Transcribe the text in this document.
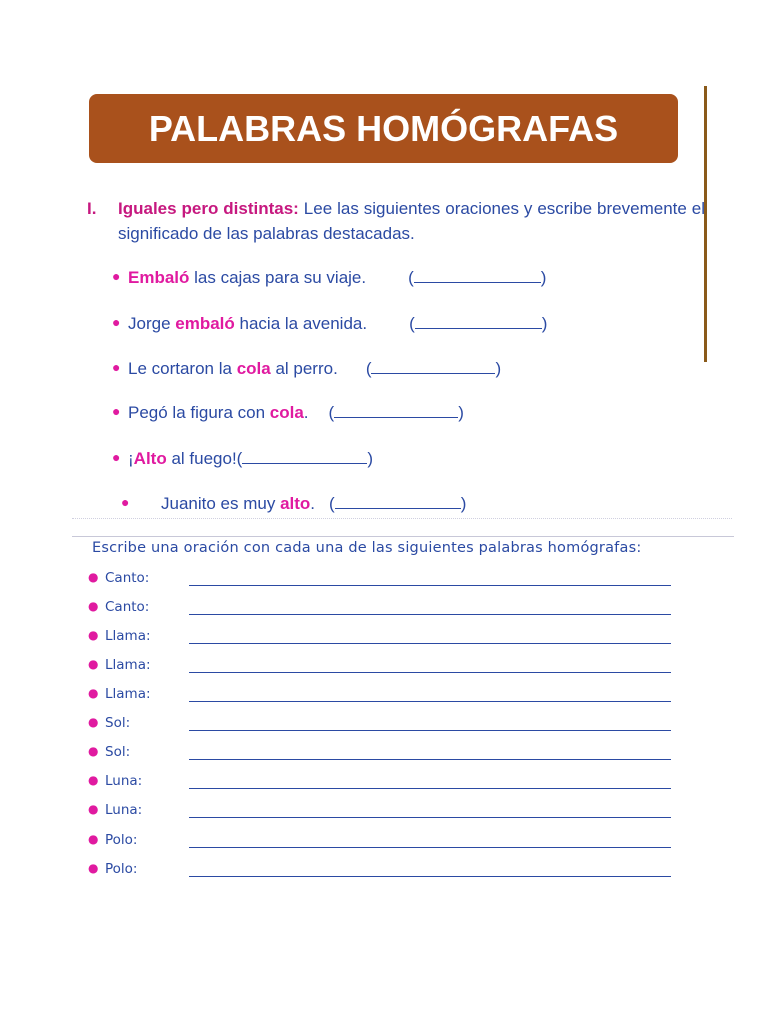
PALABRAS HOMÓGRAFAS
I. Iguales pero distintas: Lee las siguientes oraciones y escribe brevemente el significado de las palabras destacadas.
● Embaló las cajas para su viaje. (	)
● Jorge embaló hacia la avenida. (	)
● Le cortaron la cola al perro. (	)
● Pegó la figura con cola. (	)
● ¡Alto al fuego!(	)
● Juanito es muy alto. (	)
Escribe una oración con cada una de las siguientes palabras homógrafas:
● Canto:
● Canto:
● Llama:
● Llama:
● Llama:
● Sol:
● Sol:
● Luna:
● Luna:
● Polo:
● Polo:
